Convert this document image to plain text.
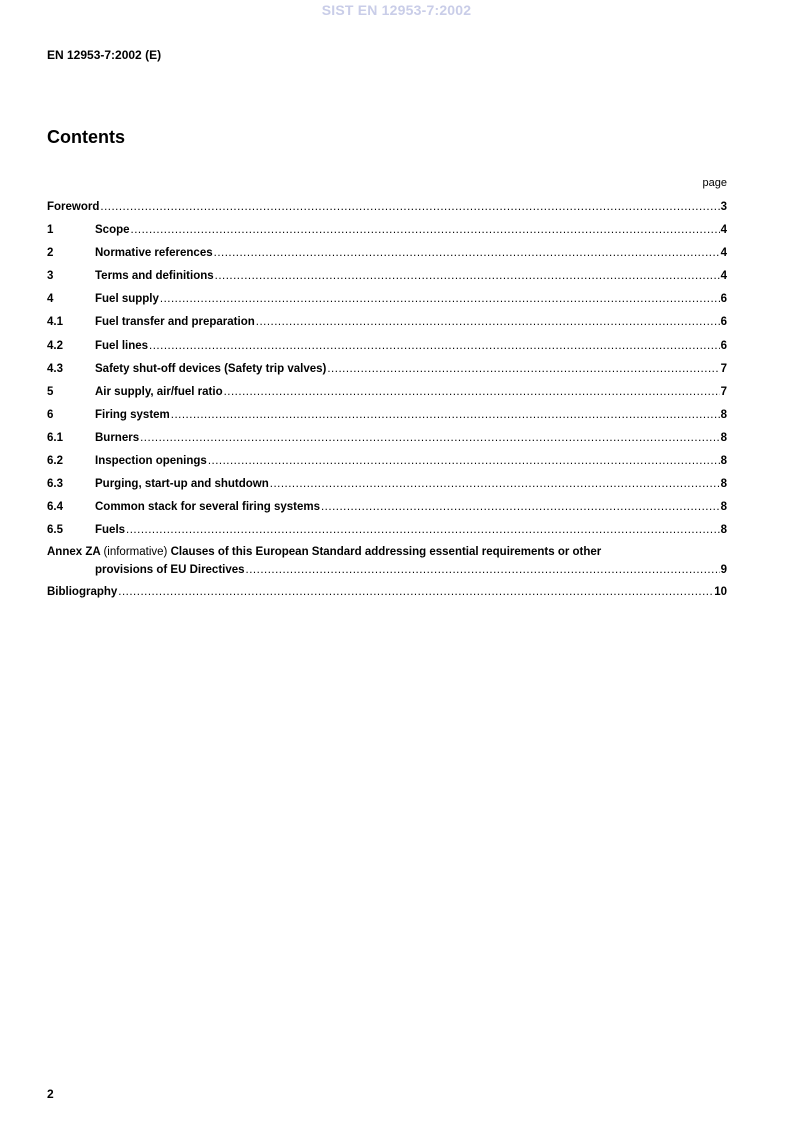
SIST EN 12953-7:2002
EN 12953-7:2002 (E)
Contents
page
Foreword .....	3
1	Scope .....	4
2	Normative references .....	4
3	Terms and definitions .....	4
4	Fuel supply .....	6
4.1	Fuel transfer and preparation .....	6
4.2	Fuel lines .....	6
4.3	Safety shut-off devices (Safety trip valves) .....	7
5	Air supply, air/fuel ratio .....	7
6	Firing system .....	8
6.1	Burners .....	8
6.2	Inspection openings .....	8
6.3	Purging, start-up and shutdown .....	8
6.4	Common stack for several firing systems .....	8
6.5	Fuels .....	8
Annex ZA (informative) Clauses of this European Standard addressing essential requirements or other
provisions of EU Directives .....	9
Bibliography .....	10
2
